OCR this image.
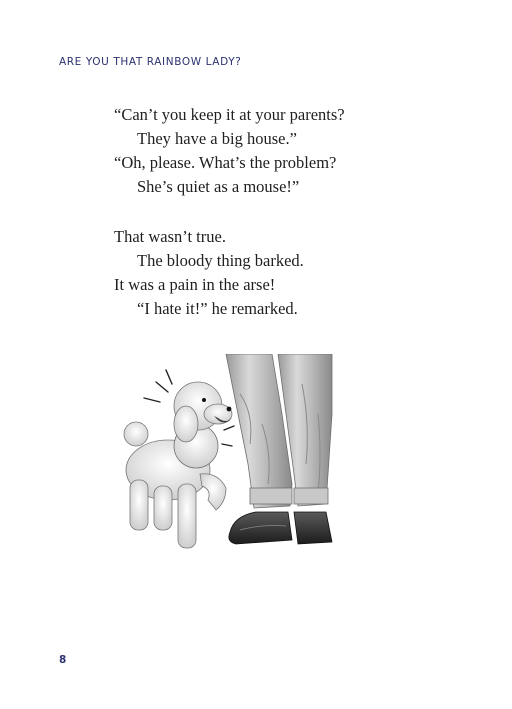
ARE YOU THAT RAINBOW LADY?

“Can’t you keep it at your parents?
They have a big house.”
“Oh, please. What’s the problem?
She’s quiet as a mouse!”

That wasn’t true.
The bloody thing barked.
It was a pain in the arse!
“I hate it!” he remarked.

8
